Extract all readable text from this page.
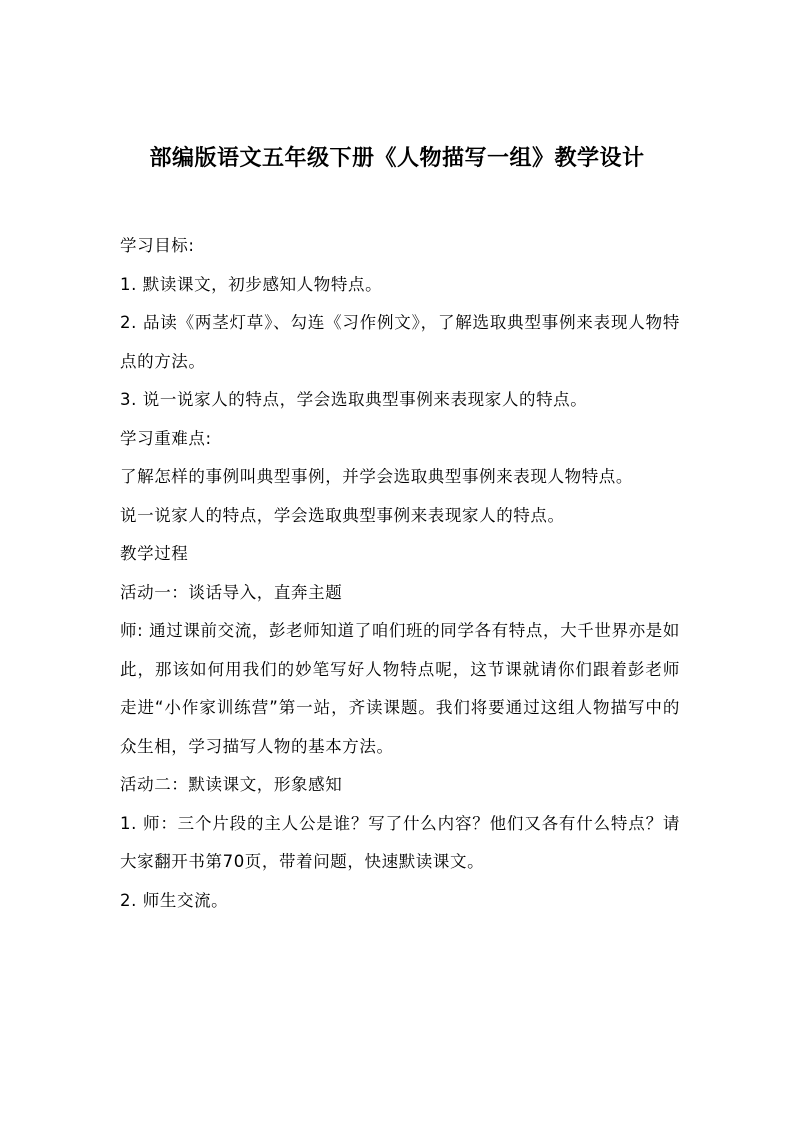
部编版语文五年级下册《人物描写一组》教学设计

学习目标:

1. 默读课文，初步感知人物特点。

2. 品读《两茎灯草》、勾连《习作例文》，了解选取典型事例来表现人物特点的方法。

3. 说一说家人的特点，学会选取典型事例来表现家人的特点。

学习重难点:

了解怎样的事例叫典型事例，并学会选取典型事例来表现人物特点。

说一说家人的特点，学会选取典型事例来表现家人的特点。

教学过程

活动一：谈话导入，直奔主题

师: 通过课前交流，彭老师知道了咱们班的同学各有特点，大千世界亦是如此，那该如何用我们的妙笔写好人物特点呢，这节课就请你们跟着彭老师走进“小作家训练营”第一站，齐读课题。我们将要通过这组人物描写中的众生相，学习描写人物的基本方法。

活动二：默读课文，形象感知

1. 师：三个片段的主人公是谁？写了什么内容？他们又各有什么特点？请大家翻开书第70页，带着问题，快速默读课文。

2. 师生交流。
